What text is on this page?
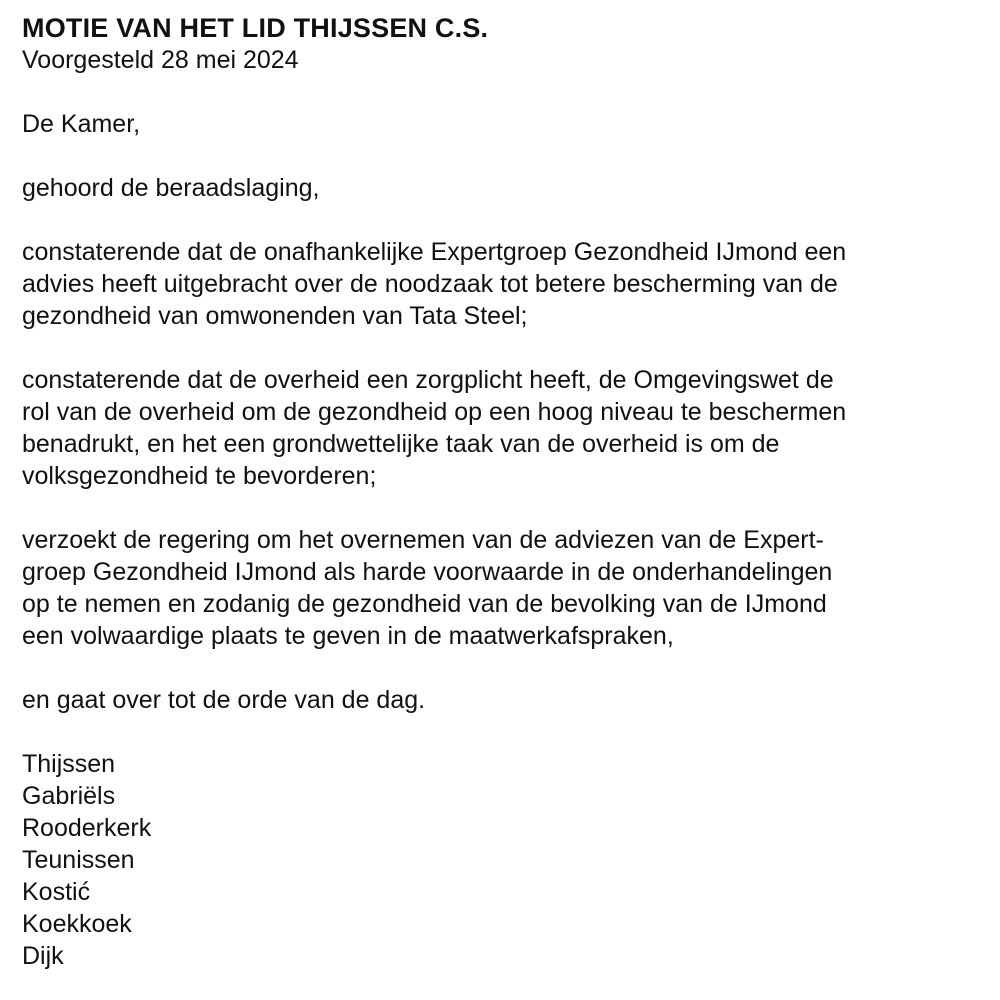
MOTIE VAN HET LID THIJSSEN C.S.

Voorgesteld 28 mei 2024

De Kamer,

gehoord de beraadslaging,

constaterende dat de onafhankelijke Expertgroep Gezondheid IJmond een

advies heeft uitgebracht over de noodzaak tot betere bescherming van de

gezondheid van omwonenden van Tata Steel;

constaterende dat de overheid een zorgplicht heeft, de Omgevingswet de

rol van de overheid om de gezondheid op een hoog niveau te beschermen

benadrukt, en het een grondwettelijke taak van de overheid is om de

volksgezondheid te bevorderen;

verzoekt de regering om het overnemen van de adviezen van de Expert-

groep Gezondheid IJmond als harde voorwaarde in de onderhandelingen

op te nemen en zodanig de gezondheid van de bevolking van de IJmond

een volwaardige plaats te geven in de maatwerkafspraken,

en gaat over tot de orde van de dag.

Thijssen
Gabriëls
Rooderkerk
Teunissen
Kostić
Koekkoek
Dijk
